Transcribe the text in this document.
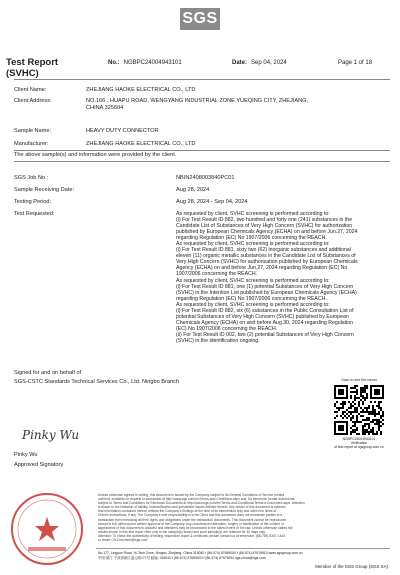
SGS
Test Report
(SVHC)
No.: NGBPC24004943101	Date: Sep 04, 2024	Page 1 of 18
Client Name:	ZHEJIANG HAOKE ELECTRICAL CO., LTD
Client Address:	NO.166 , HUAPU ROAD, WENGYANG INDUSTRIAL ZONE YUEQING CITY, ZHEJIANG,
CHINA 325604
Sample Name:	HEAVY DUTY CONNECTOR
Manufacturer:	ZHEJIANG HAOKE ELECTRICAL CO., LTD
The above sample(s) and information were provided by the client.
SGS Job No.:	NBIN2408003840PC01
Sample Receiving Date:	Aug 28, 2024
Testing Period:	Aug 28, 2024 - Sep 04, 2024
Test Requested:	As requested by client, SVHC screening is performed according to:
(i) For Test Result ID 882, two hundred and forty one (241) substances in the
Candidate List of Substances of Very High Concern (SVHC) for authorization
published by European Chemicals Agency (ECHA) on and before Jun.27, 2024
regarding Regulation (EC) No 1907/2006 concerning the REACH.
As requested by client, SVHC screening is performed according to:
(i) For Test Result ID 881, sixty two (62) inorganic substances and additional
eleven (11) organic metallic substances in the Candidate List of Substances of
Very High Concern (SVHC) for authorization published by European Chemicals
Agency (ECHA) on and before Jun.27, 2024 regarding Regulation (EC) No
1907/2006 concerning the REACH.
As requested by client, SVHC screening is performed according to:
(i) For Test Result ID 881, one (1) potential Substances of Very High Concern
(SVHC) in the Intention List published by European Chemicals Agency (ECHA)
regarding Regulation (EC) No 1907/2006 concerning the REACH.
As requested by client, SVHC screening is performed according to:
(i) For Test Result ID 882, six (6) substances in the Public Consultation List of
potential Substances of Very High Concern (SVHC) published by European
Chemicals Agency (ECHA) on and before Aug.30, 2024 regarding Regulation
(EC) No 1907/2006 concerning the REACH.
(ii) For Test Result ID 002, two (2) potential Substances of Very High Concern
(SVHC) in the identification ongoing.
Signed for and on behalf of
SGS-CSTC Standards Technical Services Co., Ltd. Ningbo Branch
Pinky Wu
Pinky Wu
Approved Signatory
Scan to see the report
NGBPC24004943101
Verification
of test report at sgsgroup.com.cn
Unless otherwise agreed in writing, this document is issued by the Company subject to its General Conditions of Service printed
overleaf, available on request or accessible at http://www.sgs.com/en/Terms-and-Conditions.aspx and, for electronic format documents,
subject to Terms and Conditions for Electronic Documents at http://www.sgs.com/en/Terms-and-Conditions/Terms-e-Document.aspx. Attention
is drawn to the limitation of liability, indemnification and jurisdiction issues defined therein. Any holder of this document is advised
that information contained hereon reflects the Company's findings at the time of its intervention only and within the limits of
Client's instructions, if any. The Company's sole responsibility is to its Client and this document does not exonerate parties to a
transaction from exercising all their rights and obligations under the transaction documents. This document cannot be reproduced
except in full, without prior written approval of the Company. Any unauthorized alteration, forgery or falsification of the content or
appearance of this document is unlawful and offenders may be prosecuted to the fullest extent of the law. Unless otherwise stated the
results shown in this test report refer only to the sample(s) tested and such sample(s) are retained for 30 days only.
Attention: To check the authenticity of testing /inspection report & certificate, please contact us at telephone: (86-755) 8307 1443,
or email: CN.Doccheck@sgs.com
No.177, Lingyun Road, Hi-Tech Zone, Ningbo, Zhejiang, China 315040 t (86-574) 87659000 f (86-574) 87676910 www.sgsgroup.com.cn
中国·浙江·宁波高新区凌云路177号 邮编: 315040 t (86-574) 87659000 f (86-574) 87676910 sgs.china@sgs.com
Member of the SGS Group (SGS SA)
